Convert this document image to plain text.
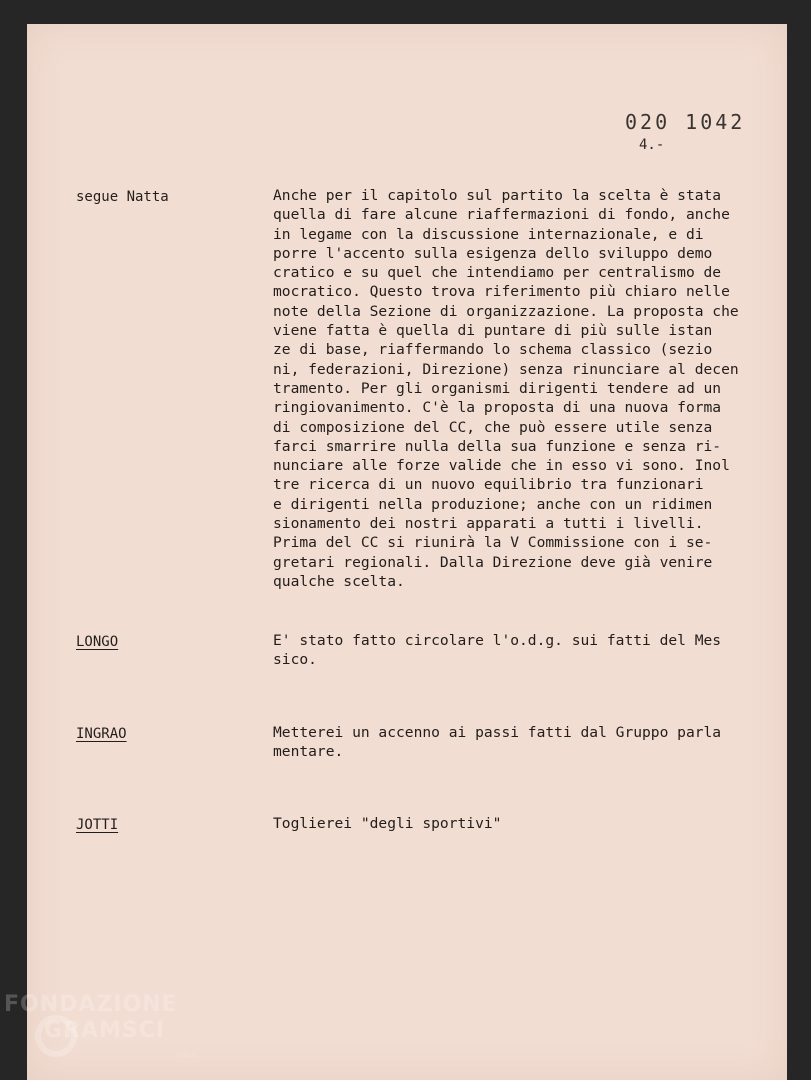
020 1042
4.-
segue Natta	Anche per il capitolo sul partito la scelta è stata
quella di fare alcune riaffermazioni di fondo, anche
in legame con la discussione internazionale, e di
porre l'accento sulla esigenza dello sviluppo demo
cratico e su quel che intendiamo per centralismo de
mocratico. Questo trova riferimento più chiaro nelle
note della Sezione di organizzazione. La proposta che
viene fatta è quella di puntare di più sulle istan
ze di base, riaffermando lo schema classico (sezio
ni, federazioni, Direzione) senza rinunciare al decen
tramento. Per gli organismi dirigenti tendere ad un
ringiovanimento. C'è la proposta di una nuova forma
di composizione del CC, che può essere utile senza
farci smarrire nulla della sua funzione e senza ri-
nunciare alle forze valide che in esso vi sono. Inol
tre ricerca di un nuovo equilibrio tra funzionari
e dirigenti nella produzione; anche con un ridimen
sionamento dei nostri apparati a tutti i livelli.
Prima del CC si riunirà la V Commissione con i se-
gretari regionali. Dalla Direzione deve già venire
qualche scelta.
LONGO	E' stato fatto circolare l'o.d.g. sui fatti del Mes
sico.
INGRAO	Metterei un accenno ai passi fatti dal Gruppo parla
mentare.
JOTTI	Toglierei "degli sportivi"
FONDAZIONE
GRAMSCI
onlus
